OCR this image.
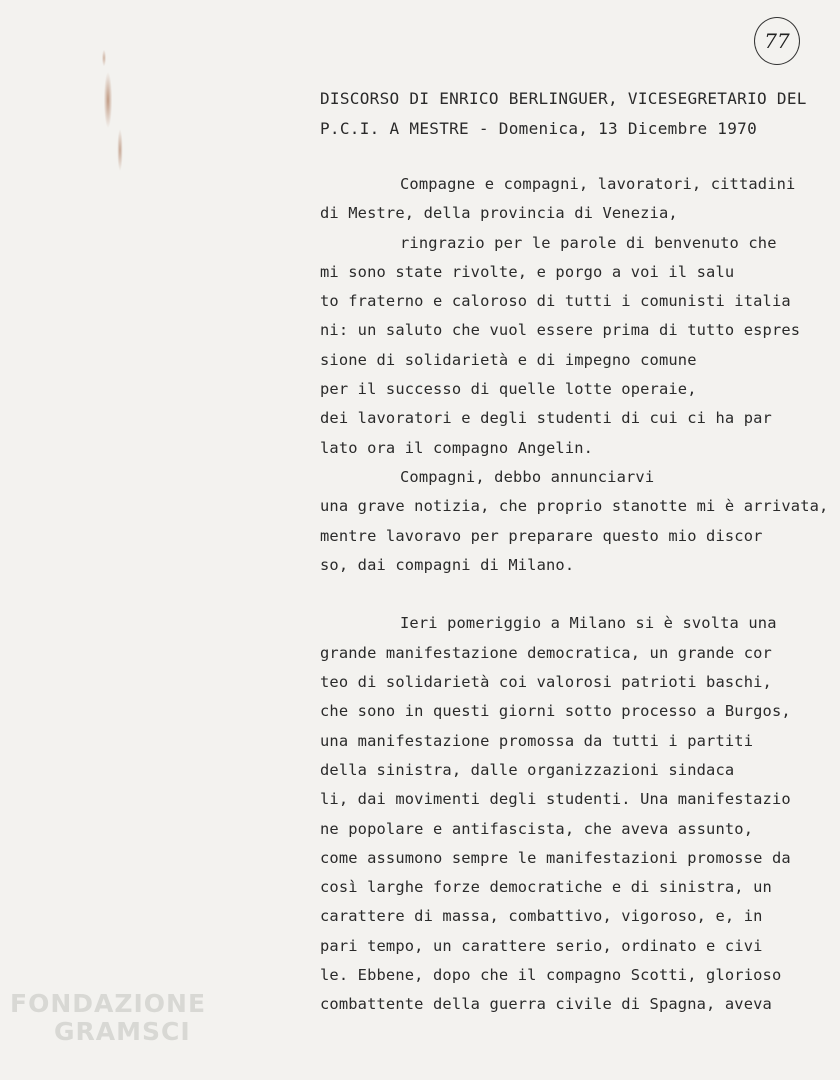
77
DISCORSO DI ENRICO BERLINGUER, VICESEGRETARIO DEL
P.C.I. A MESTRE - Domenica, 13 Dicembre 1970
Compagne e compagni, lavoratori, cittadini
di Mestre, della provincia di Venezia,
ringrazio per le parole di benvenuto che
mi sono state rivolte, e porgo a voi il salu
to fraterno e caloroso di tutti i comunisti italia
ni: un saluto che vuol essere prima di tutto espres
sione di solidarietà e di impegno comune
per il successo di quelle lotte operaie,
dei lavoratori e degli studenti di cui ci ha par
lato ora il compagno Angelin.
Compagni, debbo annunciarvi
una grave notizia, che proprio stanotte mi è arrivata,
mentre lavoravo per preparare questo mio discor
so, dai compagni di Milano.
Ieri pomeriggio a Milano si è svolta una
grande manifestazione democratica, un grande cor
teo di solidarietà coi valorosi patrioti baschi,
che sono in questi giorni sotto processo a Burgos,
una manifestazione promossa da tutti i partiti
della sinistra, dalle organizzazioni sindaca
li, dai movimenti degli studenti. Una manifestazio
ne popolare e antifascista, che aveva assunto,
come assumono sempre le manifestazioni promosse da
così larghe forze democratiche e di sinistra, un
carattere di massa, combattivo, vigoroso, e, in
pari tempo, un carattere serio, ordinato e civi
le. Ebbene, dopo che il compagno Scotti, glorioso
combattente della guerra civile di Spagna, aveva
FONDAZIONE
GRAMSCI
